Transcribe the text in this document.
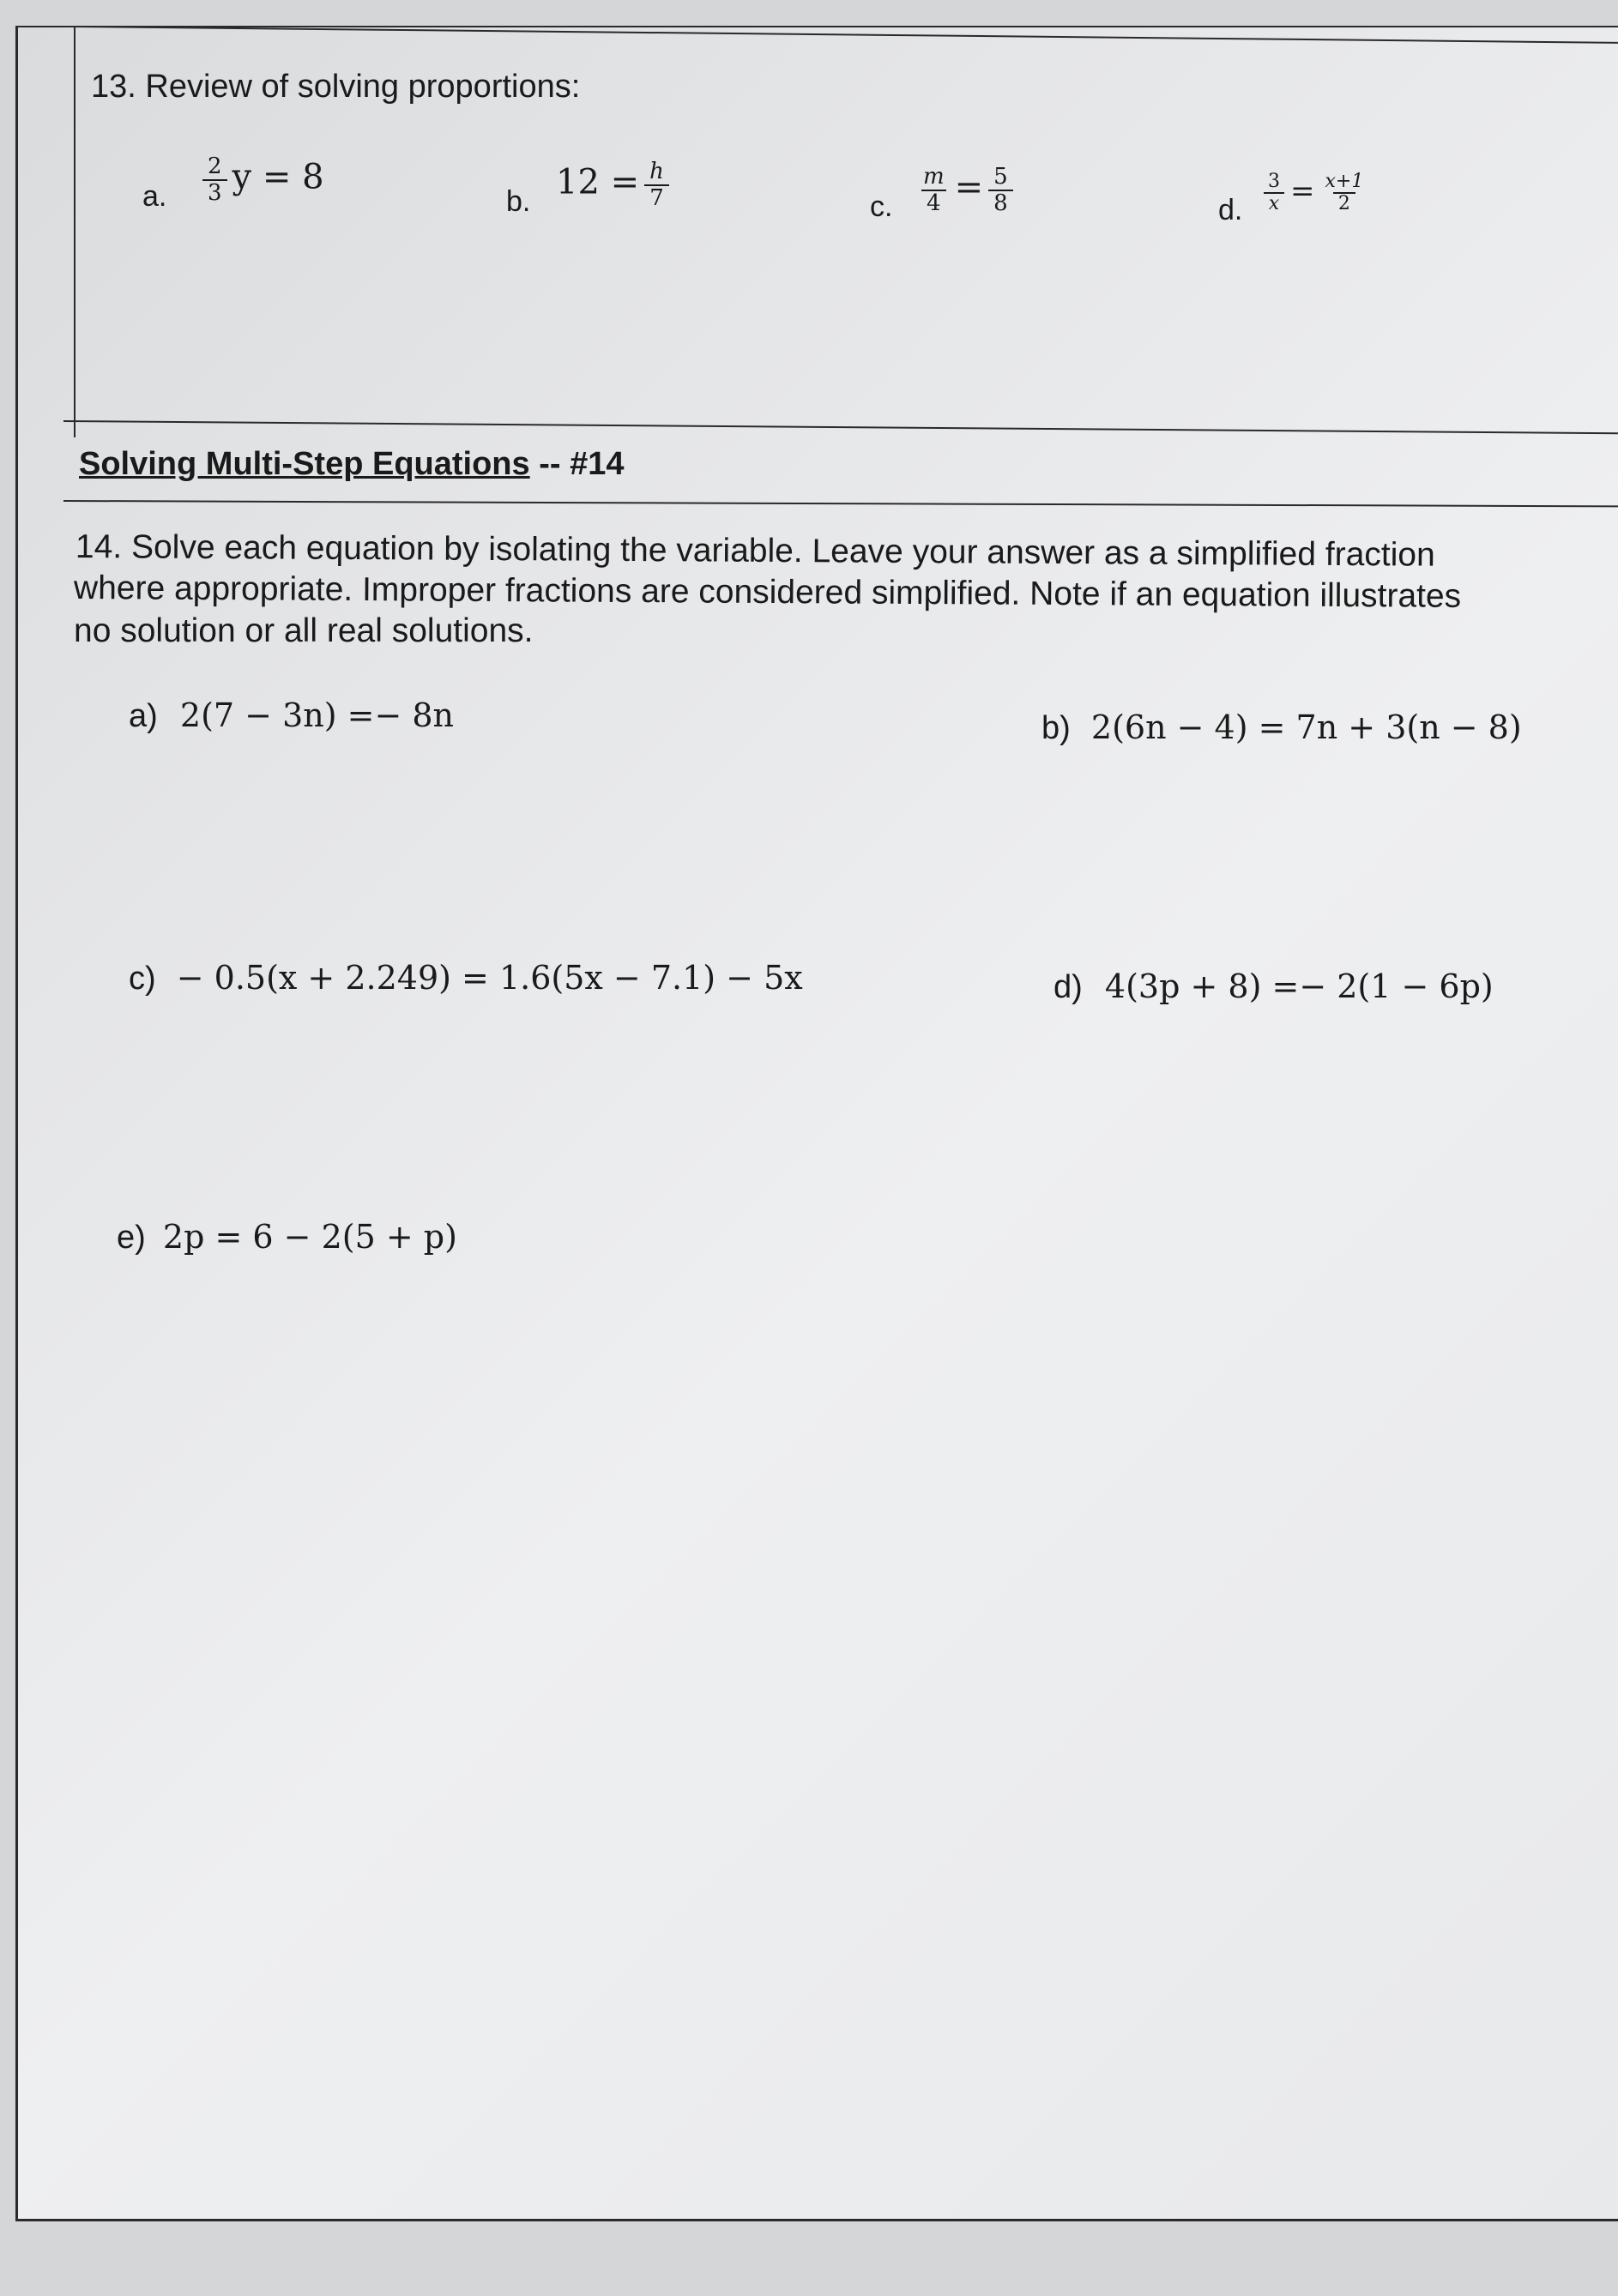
13. Review of solving proportions:
a. $\frac{2}{3}$ y = 8
b. $12 = \frac{h}{7}$	c. $\frac{m}{4} = \frac{5}{8}$	d. $\frac{3}{x} = \frac{x+1}{2}$
Solving Multi-Step Equations -- #14
14. Solve each equation by isolating the variable. Leave your answer as a simplified fraction
where appropriate. Improper fractions are considered simplified. Note if an equation illustrates
no solution or all real solutions.
a) 2(7 − 3n) =− 8n	b) 2(6n − 4) = 7n + 3(n − 8)
c) − 0.5(x + 2.249) = 1.6(5x − 7.1) − 5x	d) 4(3p + 8) =− 2(1 − 6p)
e) 2p = 6 − 2(5 + p)
